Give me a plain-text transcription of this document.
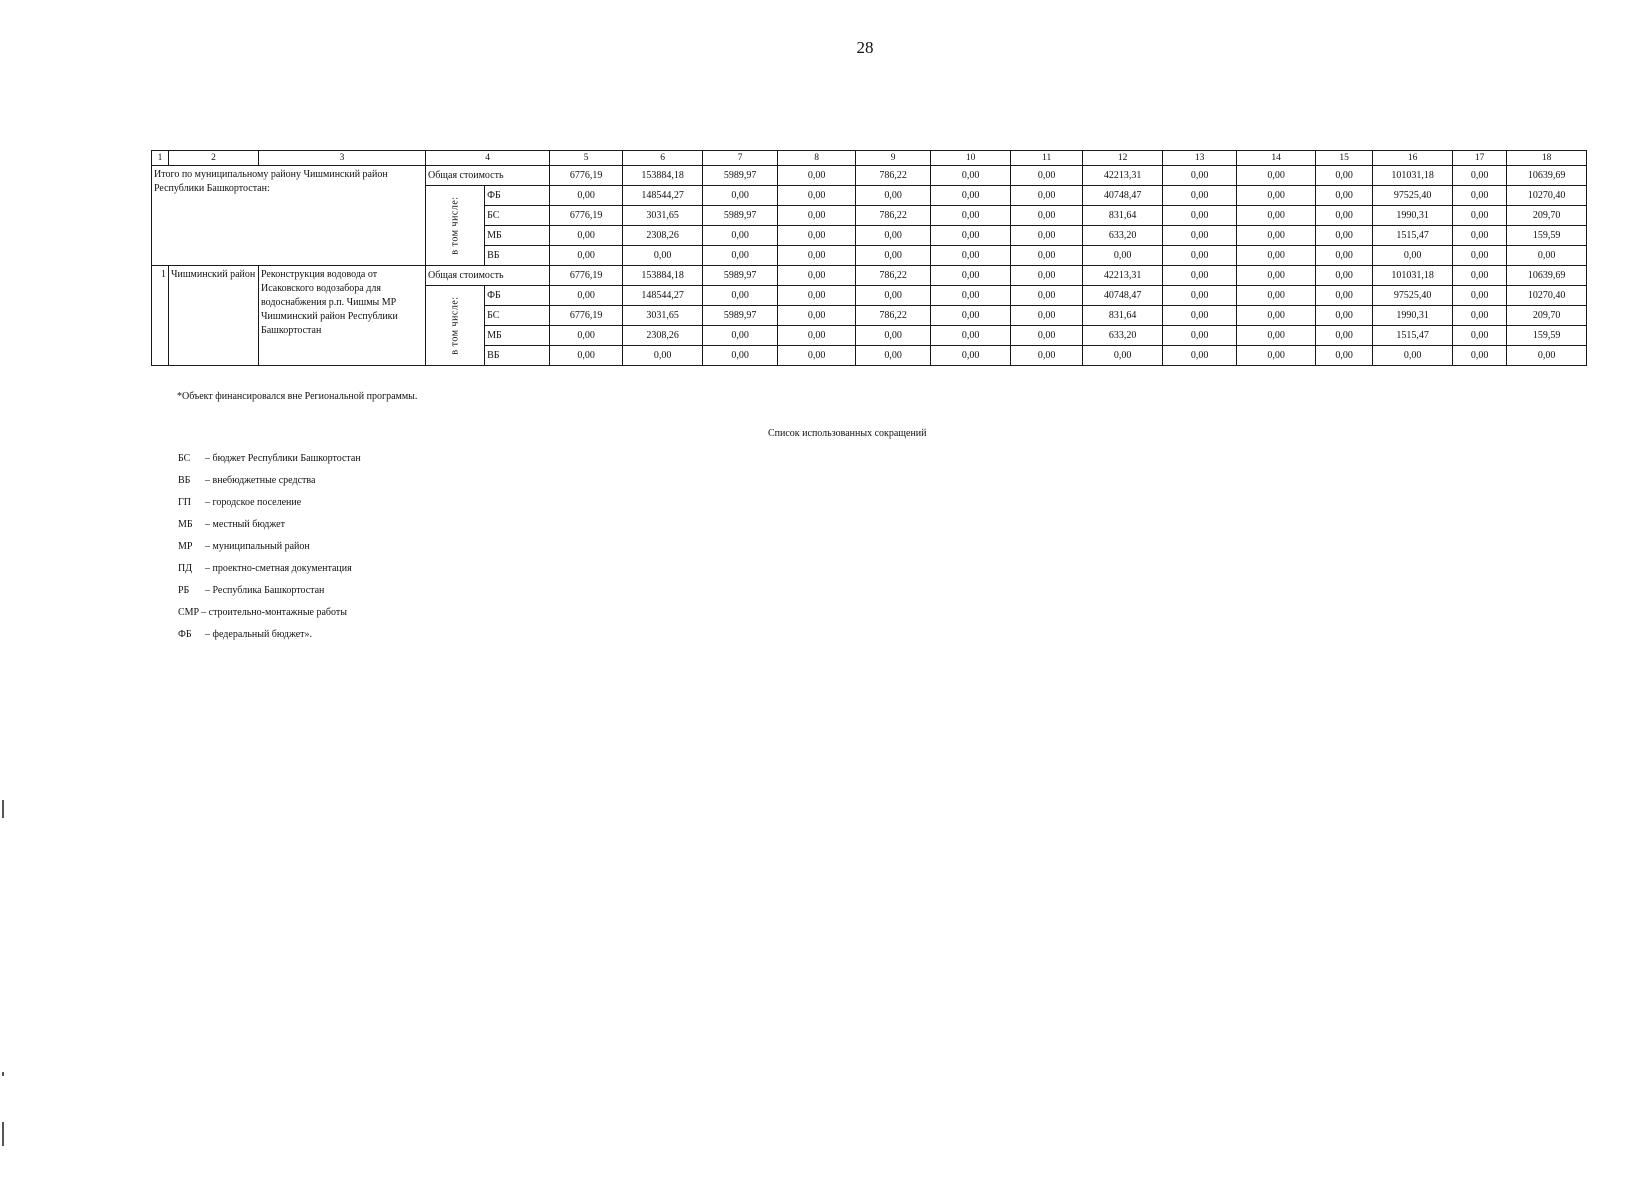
28
1	2	3	4		5	6	7	8	9	10	11	12	13	14	15	16	17	18
Итого по муниципальному району Чишминский район Республики Башкортостан:			Общая стоимость		6776,19	153884,18	5989,97	0,00	786,22	0,00	0,00	42213,31	0,00	0,00	0,00	101031,18	0,00	10639,69
			в том числе:	ФБ	0,00	148544,27	0,00	0,00	0,00	0,00	0,00	40748,47	0,00	0,00	0,00	97525,40	0,00	10270,40
				БС	6776,19	3031,65	5989,97	0,00	786,22	0,00	0,00	831,64	0,00	0,00	0,00	1990,31	0,00	209,70
				МБ	0,00	2308,26	0,00	0,00	0,00	0,00	0,00	633,20	0,00	0,00	0,00	1515,47	0,00	159,59
				ВБ	0,00	0,00	0,00	0,00	0,00	0,00	0,00	0,00	0,00	0,00	0,00	0,00	0,00	0,00
1	Чишминский район	Реконструкция водовода от Исаковского водозабора для водоснабжения р.п. Чишмы МР Чишминский район Республики Башкортостан	Общая стоимость		6776,19	153884,18	5989,97	0,00	786,22	0,00	0,00	42213,31	0,00	0,00	0,00	101031,18	0,00	10639,69
			в том числе:	ФБ	0,00	148544,27	0,00	0,00	0,00	0,00	0,00	40748,47	0,00	0,00	0,00	97525,40	0,00	10270,40
				БС	6776,19	3031,65	5989,97	0,00	786,22	0,00	0,00	831,64	0,00	0,00	0,00	1990,31	0,00	209,70
				МБ	0,00	2308,26	0,00	0,00	0,00	0,00	0,00	633,20	0,00	0,00	0,00	1515,47	0,00	159,59
				ВБ	0,00	0,00	0,00	0,00	0,00	0,00	0,00	0,00	0,00	0,00	0,00	0,00	0,00	0,00
*Объект финансировался вне Региональной программы.
Список использованных сокращений
БС – бюджет Республики Башкортостан
ВБ – внебюджетные средства
ГП – городское поселение
МБ – местный бюджет
МР – муниципальный район
ПД – проектно-сметная документация
РБ – Республика Башкортостан
СМР – строительно-монтажные работы
ФБ – федеральный бюджет».
